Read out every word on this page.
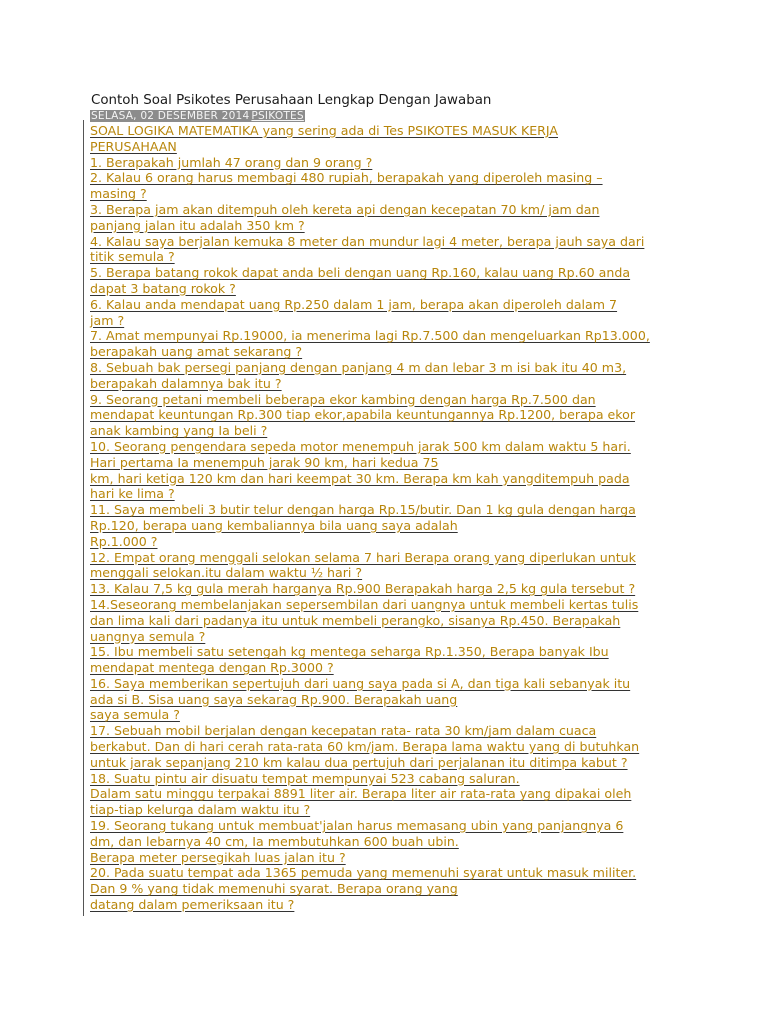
Contoh Soal Psikotes Perusahaan Lengkap Dengan Jawaban
SELASA, 02 DESEMBER 2014 PSIKOTES
SOAL LOGIKA MATEMATIKA yang sering ada di Tes PSIKOTES MASUK KERJA
PERUSAHAAN
1. Berapakah jumlah 47 orang dan 9 orang ?
2. Kalau 6 orang harus membagi 480 rupiah, berapakah yang diperoleh masing –
masing ?
3. Berapa jam akan ditempuh oleh kereta api dengan kecepatan 70 km/ jam dan
panjang jalan itu adalah 350 km ?
4. Kalau saya berjalan kemuka 8 meter dan mundur lagi 4 meter, berapa jauh saya dari
titik semula ?
5. Berapa batang rokok dapat anda beli dengan uang Rp.160, kalau uang Rp.60 anda
dapat 3 batang rokok ?
6. Kalau anda mendapat uang Rp.250 dalam 1 jam, berapa akan diperoleh dalam 7
jam ?
7. Amat mempunyai Rp.19000, ia menerima lagi Rp.7.500 dan mengeluarkan Rp13.000,
berapakah uang amat sekarang ?
8. Sebuah bak persegi panjang dengan panjang 4 m dan lebar 3 m isi bak itu 40 m3,
berapakah dalamnya bak itu ?
9. Seorang petani membeli beberapa ekor kambing dengan harga Rp.7.500 dan
mendapat keuntungan Rp.300 tiap ekor,apabila keuntungannya Rp.1200, berapa ekor
anak kambing yang Ia beli ?
10. Seorang pengendara sepeda motor menempuh jarak 500 km dalam waktu 5 hari.
Hari pertama Ia menempuh jarak 90 km, hari kedua 75
km, hari ketiga 120 km dan hari keempat 30 km. Berapa km kah yangditempuh pada
hari ke lima ?
11. Saya membeli 3 butir telur dengan harga Rp.15/butir. Dan 1 kg gula dengan harga
Rp.120, berapa uang kembaliannya bila uang saya adalah
Rp.1.000 ?
12. Empat orang menggali selokan selama 7 hari Berapa orang yang diperlukan untuk
menggali selokan.itu dalam waktu ½ hari ?
13. Kalau 7,5 kg gula merah harganya Rp.900 Berapakah harga 2,5 kg gula tersebut ?
14.Seseorang membelanjakan sepersembilan dari uangnya untuk membeli kertas tulis
dan lima kali dari padanya itu untuk membeli perangko, sisanya Rp.450. Berapakah
uangnya semula ?
15. Ibu membeli satu setengah kg mentega seharga Rp.1.350, Berapa banyak Ibu
mendapat mentega dengan Rp.3000 ?
16. Saya memberikan sepertujuh dari uang saya pada si A, dan tiga kali sebanyak itu
ada si B. Sisa uang saya sekarag Rp.900. Berapakah uang
saya semula ?
17. Sebuah mobil berjalan dengan kecepatan rata- rata 30 km/jam dalam cuaca
berkabut. Dan di hari cerah rata-rata 60 km/jam. Berapa lama waktu yang di butuhkan
untuk jarak sepanjang 210 km kalau dua pertujuh dari perjalanan itu ditimpa kabut ?
18. Suatu pintu air disuatu tempat mempunyai 523 cabang saluran.
Dalam satu minggu terpakai 8891 liter air. Berapa liter air rata-rata yang dipakai oleh
tiap-tiap kelurga dalam waktu itu ?
19. Seorang tukang untuk membuat'jalan harus memasang ubin yang panjangnya 6
dm, dan lebarnya 40 cm, Ia membutuhkan 600 buah ubin.
Berapa meter persegikah luas jalan itu ?
20. Pada suatu tempat ada 1365 pemuda yang memenuhi syarat untuk masuk militer.
Dan 9 % yang tidak memenuhi syarat. Berapa orang yang
datang dalam pemeriksaan itu ?
